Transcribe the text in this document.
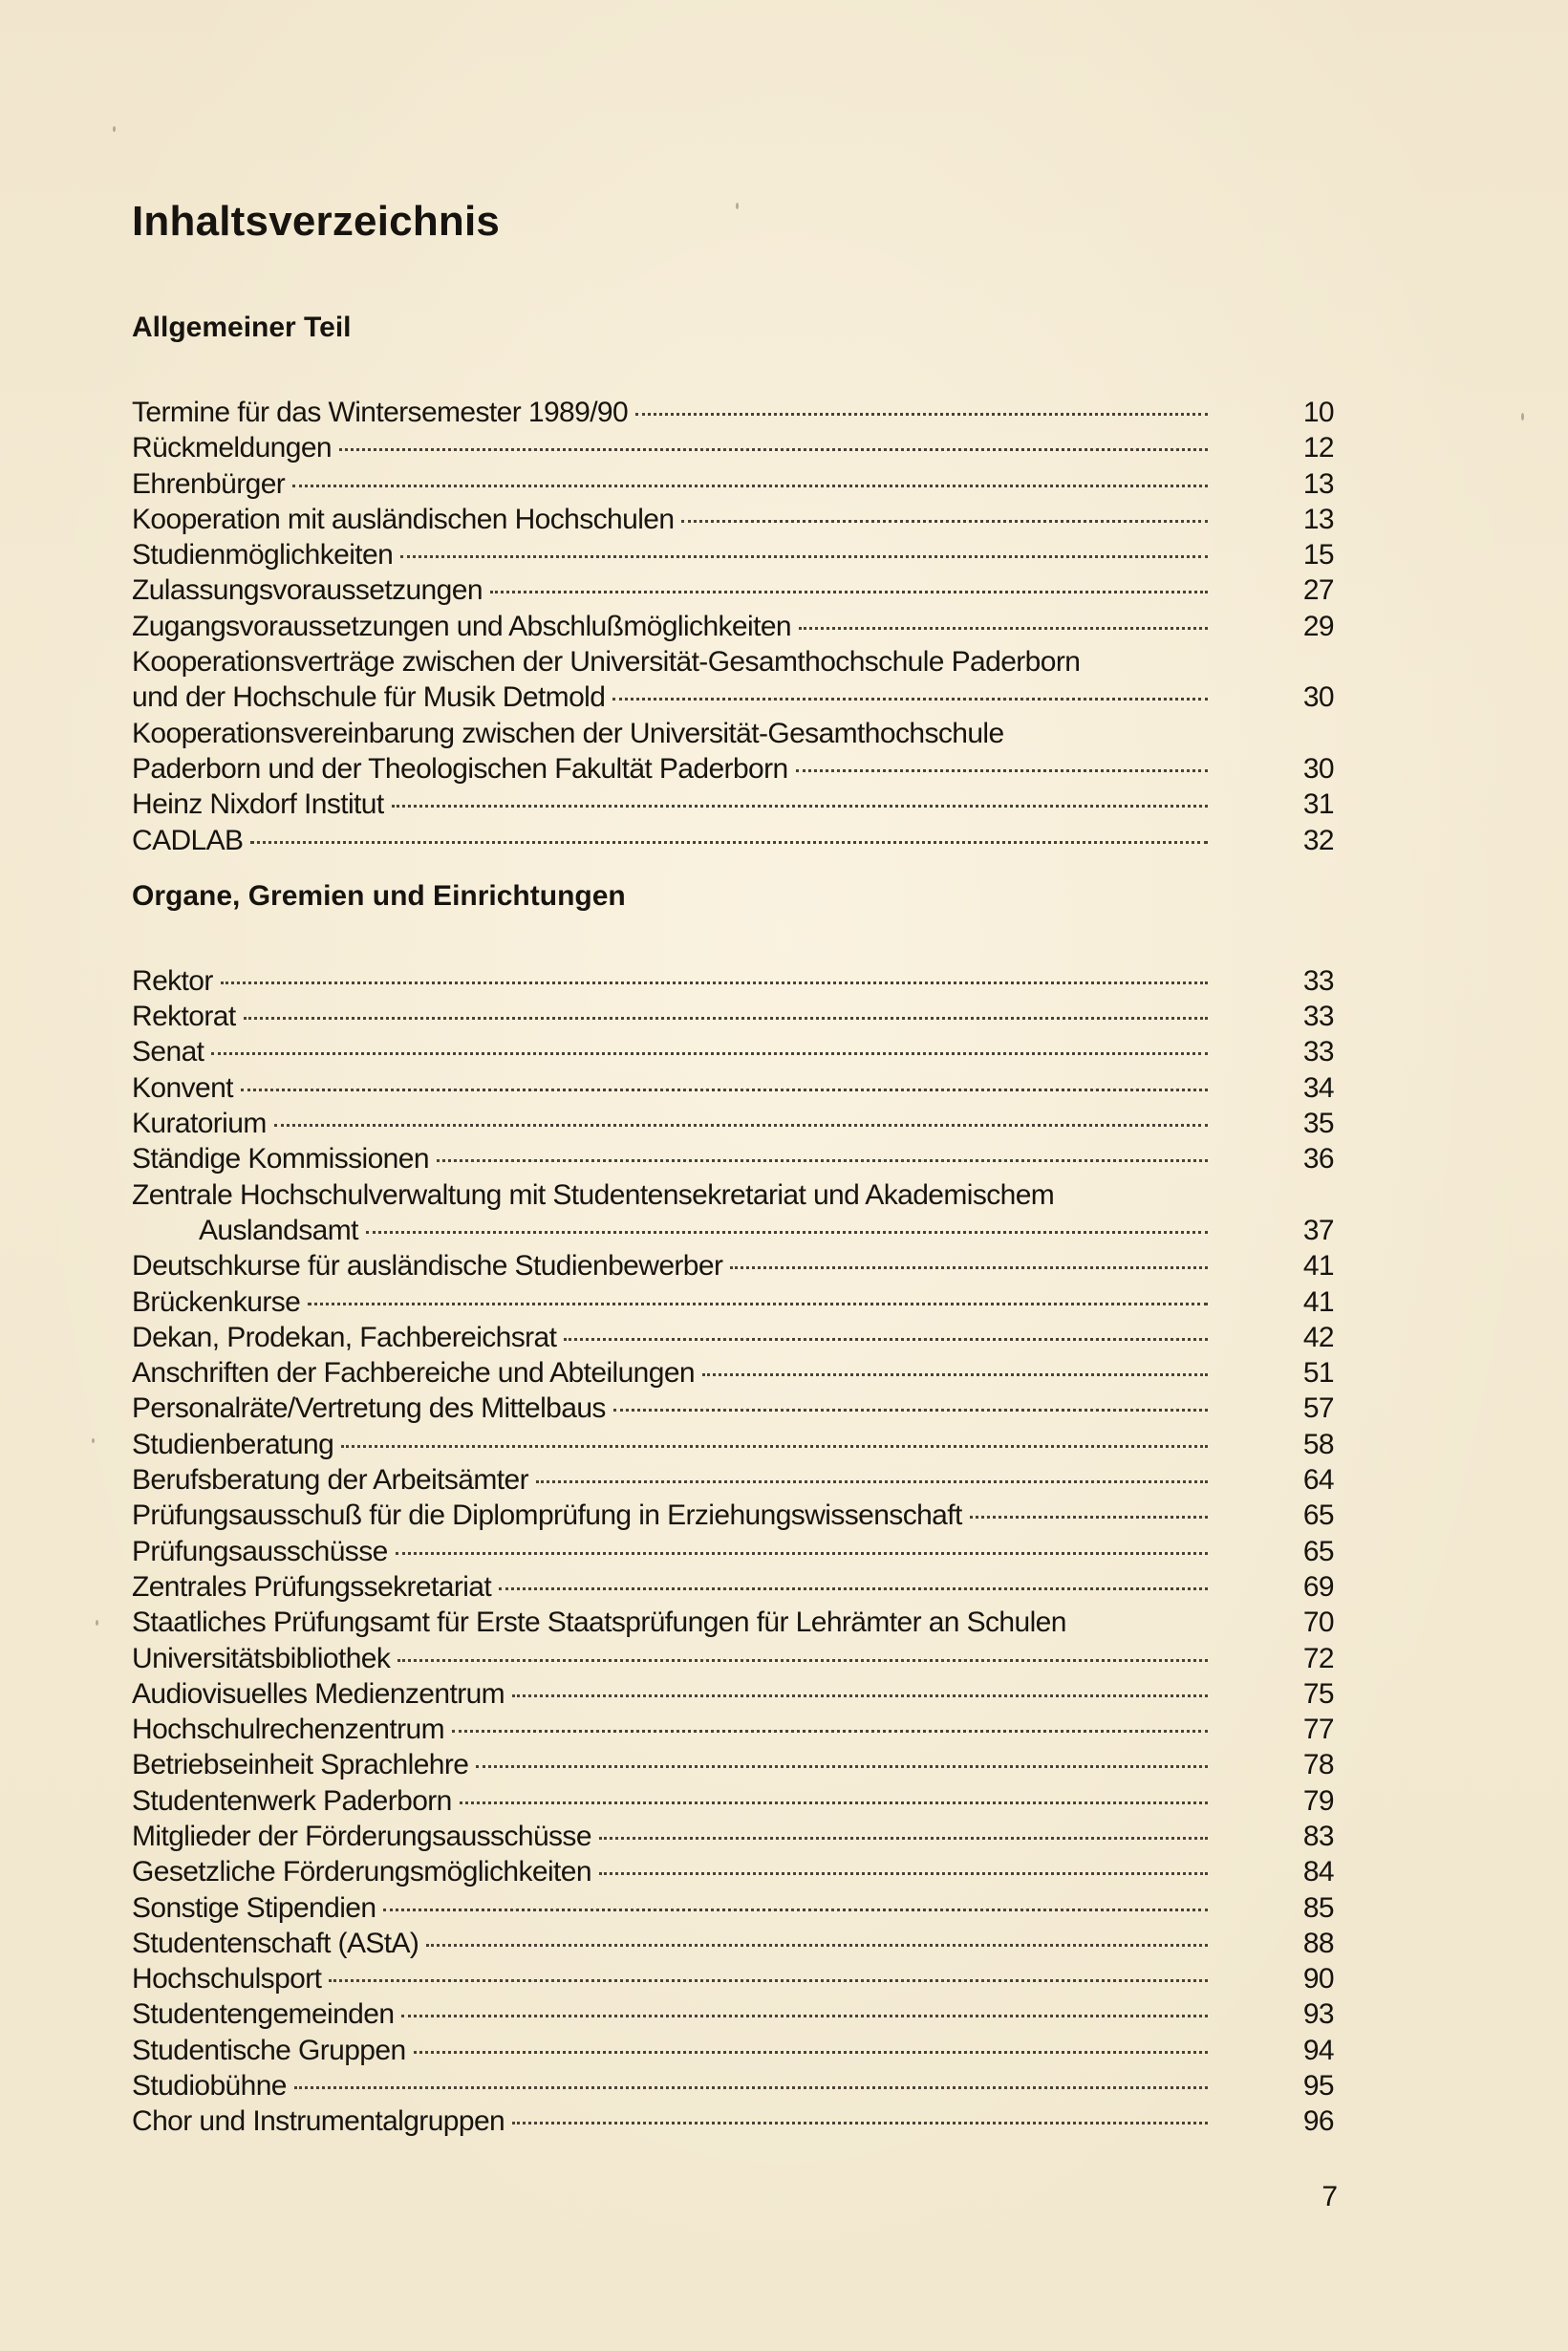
Inhaltsverzeichnis
Allgemeiner Teil
Termine für das Wintersemester 1989/90	10
Rückmeldungen	12
Ehrenbürger	13
Kooperation mit ausländischen Hochschulen	13
Studienmöglichkeiten	15
Zulassungsvoraussetzungen	27
Zugangsvoraussetzungen und Abschlußmöglichkeiten	29
Kooperationsverträge zwischen der Universität-Gesamthochschule Paderborn
und der Hochschule für Musik Detmold	30
Kooperationsvereinbarung zwischen der Universität-Gesamthochschule
Paderborn und der Theologischen Fakultät Paderborn	30
Heinz Nixdorf Institut	31
CADLAB	32
Organe, Gremien und Einrichtungen
Rektor	33
Rektorat	33
Senat	33
Konvent	34
Kuratorium	35
Ständige Kommissionen	36
Zentrale Hochschulverwaltung mit Studentensekretariat und Akademischem
Auslandsamt	37
Deutschkurse für ausländische Studienbewerber	41
Brückenkurse	41
Dekan, Prodekan, Fachbereichsrat	42
Anschriften der Fachbereiche und Abteilungen	51
Personalräte/Vertretung des Mittelbaus	57
Studienberatung	58
Berufsberatung der Arbeitsämter	64
Prüfungsausschuß für die Diplomprüfung in Erziehungswissenschaft	65
Prüfungsausschüsse	65
Zentrales Prüfungssekretariat	69
Staatliches Prüfungsamt für Erste Staatsprüfungen für Lehrämter an Schulen	70
Universitätsbibliothek	72
Audiovisuelles Medienzentrum	75
Hochschulrechenzentrum	77
Betriebseinheit Sprachlehre	78
Studentenwerk Paderborn	79
Mitglieder der Förderungsausschüsse	83
Gesetzliche Förderungsmöglichkeiten	84
Sonstige Stipendien	85
Studentenschaft (AStA)	88
Hochschulsport	90
Studentengemeinden	93
Studentische Gruppen	94
Studiobühne	95
Chor und Instrumentalgruppen	96
7
